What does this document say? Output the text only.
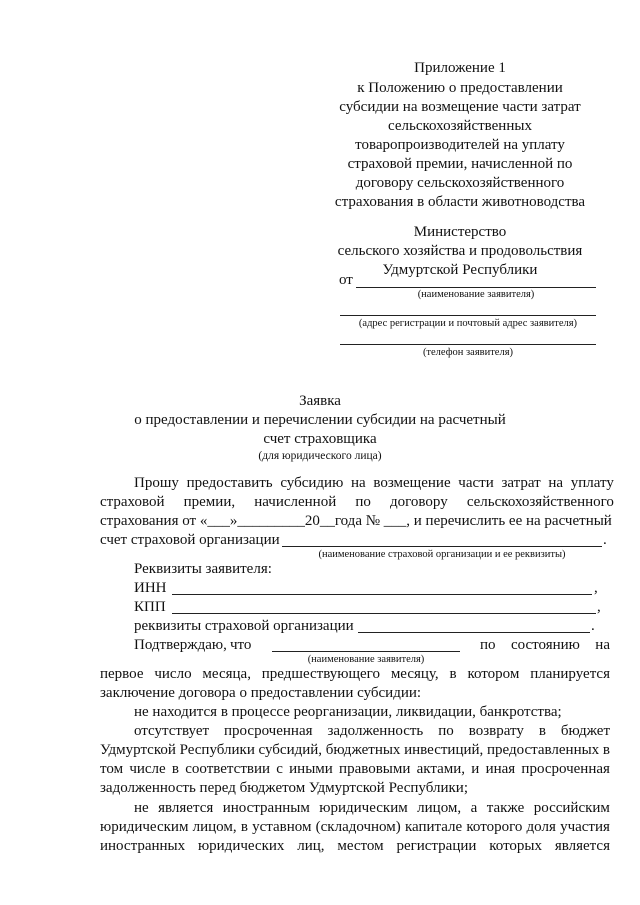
Приложение 1
к Положению о предоставлении
субсидии на возмещение части затрат
сельскохозяйственных
товаропроизводителей на уплату
страховой премии, начисленной по
договору сельскохозяйственного
страхования в области животноводства
Министерство
сельского хозяйства и продовольствия
Удмуртской Республики
от
(наименование заявителя)
(адрес регистрации и почтовый адрес заявителя)
(телефон заявителя)
Заявка
о предоставлении и перечислении субсидии на расчетный
счет страховщика
(для юридического лица)
Прошу предоставить субсидию на возмещение части затрат на уплату
страховой премии, начисленной по договору сельскохозяйственного
страхования от «___»_________20__года № ___, и перечислить ее на расчетный
счет страховой организации	.
(наименование страховой организации и ее реквизиты)
Реквизиты заявителя:
ИНН	,
КПП	,
реквизиты страховой организации	.
Подтверждаю, что	по состоянию на
(наименование заявителя)
первое число месяца, предшествующего месяцу, в котором планируется
заключение договора о предоставлении субсидии:
не находится в процессе реорганизации, ликвидации, банкротства;
отсутствует просроченная задолженность по возврату в бюджет
Удмуртской Республики субсидий, бюджетных инвестиций, предоставленных в
том числе в соответствии с иными правовыми актами, и иная просроченная
задолженность перед бюджетом Удмуртской Республики;
не является иностранным юридическим лицом, а также российским
юридическим лицом, в уставном (складочном) капитале которого доля участия
иностранных юридических лиц, местом регистрации которых является
